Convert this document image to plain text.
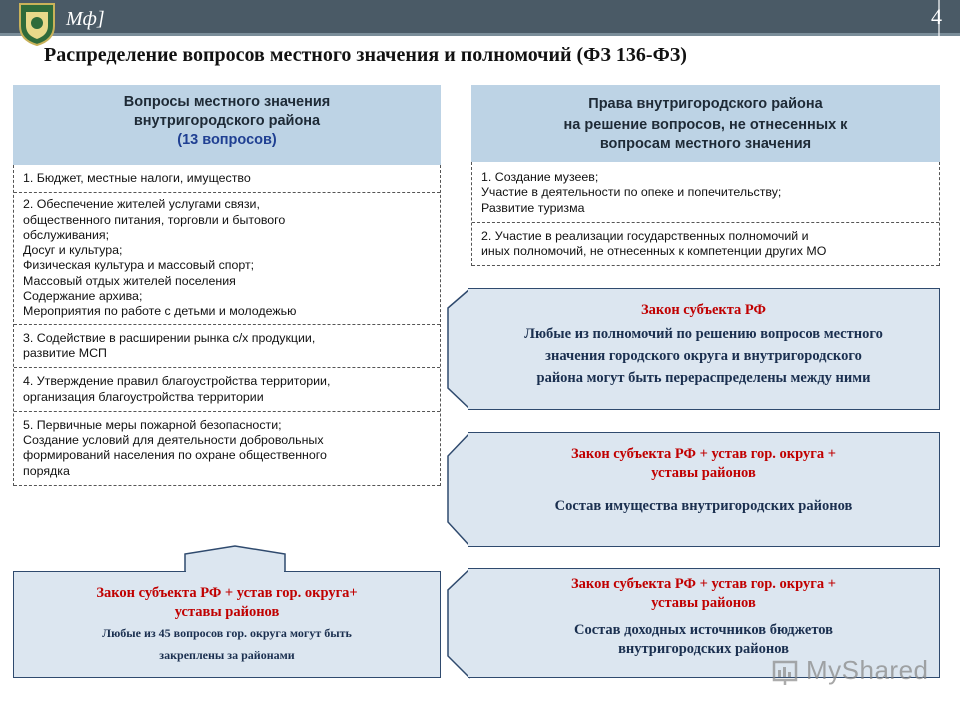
Мф]	4
Распределение вопросов местного значения и полномочий (ФЗ 136-ФЗ)
Вопросы местного значения
внутригородского района
(13 вопросов)
1. Бюджет, местные налоги, имущество
2. Обеспечение жителей услугами связи,
общественного питания, торговли и бытового
обслуживания;
Досуг и культура;
Физическая культура и массовый спорт;
Массовый отдых жителей поселения
Содержание архива;
Мероприятия по работе с детьми и молодежью
3. Содействие в расширении рынка с/х продукции,
развитие МСП
4. Утверждение правил благоустройства территории,
организация благоустройства территории
5. Первичные меры пожарной безопасности;
Создание условий для деятельности добровольных
формирований населения по охране общественного
порядка
Права внутригородского района
на решение вопросов, не отнесенных к
вопросам местного значения
1. Создание музеев;
Участие в деятельности по опеке и попечительству;
Развитие туризма
2. Участие в реализации государственных полномочий и
иных полномочий, не отнесенных к компетенции других МО
Закон субъекта РФ
Любые из полномочий по решению вопросов местного
значения городского округа и внутригородского
района могут быть перераспределены между ними
Закон субъекта РФ + устав гор. округа +
уставы районов
Состав имущества внутригородских районов
Закон субъекта РФ + устав гор. округа+
уставы районов
Любые из 45 вопросов гор. округа могут быть
закреплены за районами
Закон субъекта РФ + устав гор. округа +
уставы районов
Состав доходных источников бюджетов
внутригородских районов
MyShared
